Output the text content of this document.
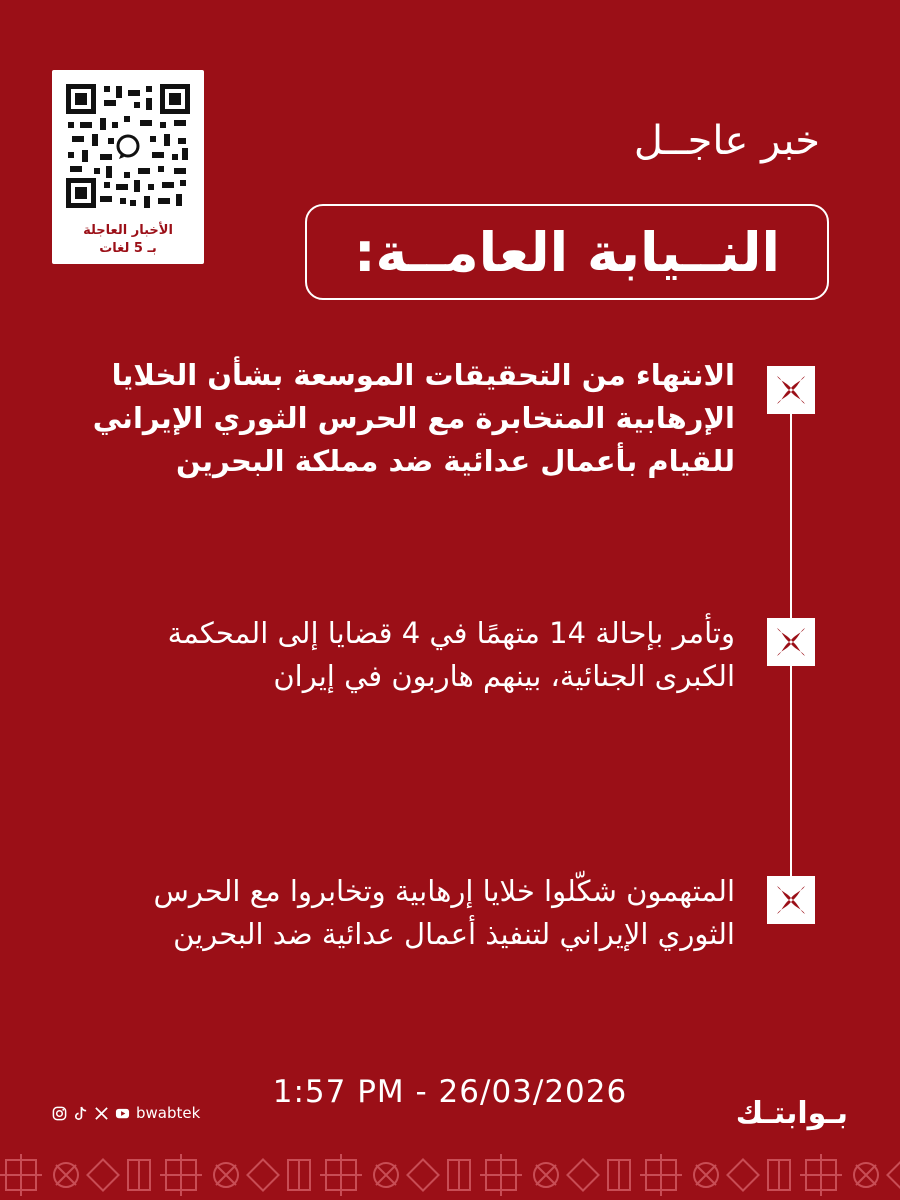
الأخبار العاجلة
بـ 5 لغات
خبر عاجــل
النــيابة العامــة:
الانتهاء من التحقيقات الموسعة بشأن الخلايا الإرهابية المتخابرة مع الحرس الثوري الإيراني للقيام بأعمال عدائية ضد مملكة البحرين
وتأمر بإحالة 14 متهمًا في 4 قضايا إلى المحكمة الكبرى الجنائية، بينهم هاربون في إيران
المتهمون شكّلوا خلايا إرهابية وتخابروا مع الحرس الثوري الإيراني لتنفيذ أعمال عدائية ضد البحرين
1:57 PM - 26/03/2026
bwabtek	بـوابتـك
